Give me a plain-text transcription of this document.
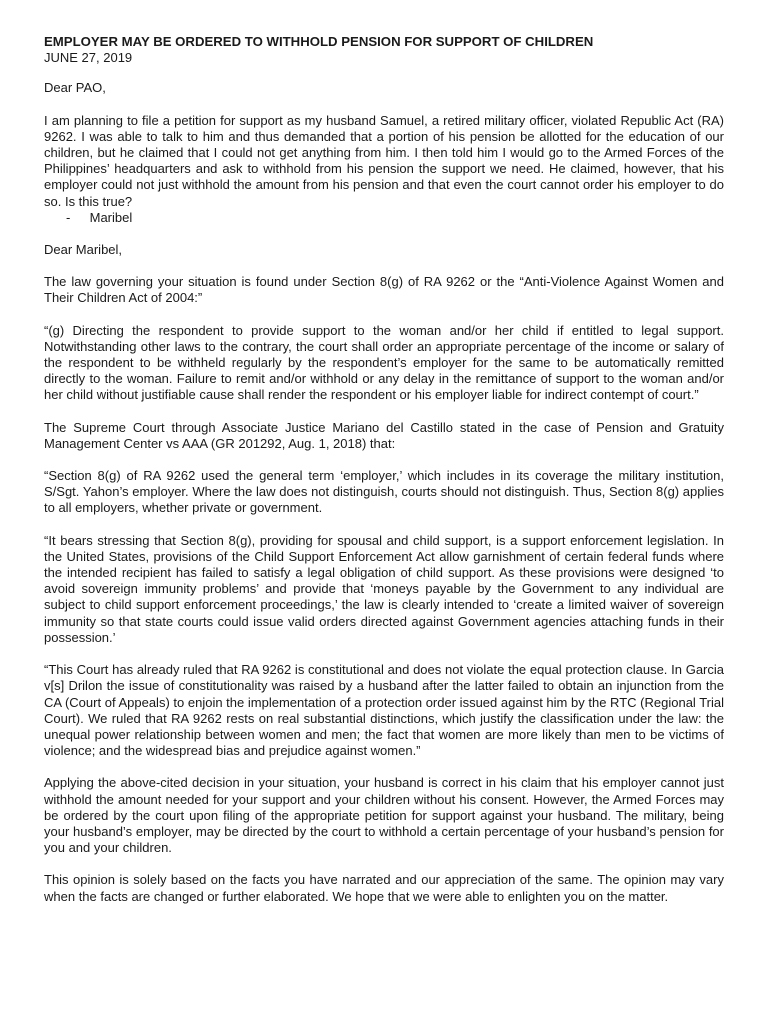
EMPLOYER MAY BE ORDERED TO WITHHOLD PENSION FOR SUPPORT OF CHILDREN
JUNE 27, 2019

Dear PAO,

I am planning to file a petition for support as my husband Samuel, a retired military officer, violated Republic Act (RA) 9262. I was able to talk to him and thus demanded that a portion of his pension be allotted for the education of our children, but he claimed that I could not get anything from him. I then told him I would go to the Armed Forces of the Philippines’ headquarters and ask to withhold from his pension the support we need. He claimed, however, that his employer could not just withhold the amount from his pension and that even the court cannot order his employer to do so. Is this true?

- Maribel

Dear Maribel,

The law governing your situation is found under Section 8(g) of RA 9262 or the “Anti-Violence Against Women and Their Children Act of 2004:”

“(g) Directing the respondent to provide support to the woman and/or her child if entitled to legal support. Notwithstanding other laws to the contrary, the court shall order an appropriate percentage of the income or salary of the respondent to be withheld regularly by the respondent’s employer for the same to be automatically remitted directly to the woman. Failure to remit and/or withhold or any delay in the remittance of support to the woman and/or her child without justifiable cause shall render the respondent or his employer liable for indirect contempt of court.”

The Supreme Court through Associate Justice Mariano del Castillo stated in the case of Pension and Gratuity Management Center vs AAA (GR 201292, Aug. 1, 2018) that:

“Section 8(g) of RA 9262 used the general term ‘employer,’ which includes in its coverage the military institution, S/Sgt. Yahon’s employer. Where the law does not distinguish, courts should not distinguish. Thus, Section 8(g) applies to all employers, whether private or government.

“It bears stressing that Section 8(g), providing for spousal and child support, is a support enforcement legislation. In the United States, provisions of the Child Support Enforcement Act allow garnishment of certain federal funds where the intended recipient has failed to satisfy a legal obligation of child support. As these provisions were designed ‘to avoid sovereign immunity problems’ and provide that ‘moneys payable by the Government to any individual are subject to child support enforcement proceedings,’ the law is clearly intended to ‘create a limited waiver of sovereign immunity so that state courts could issue valid orders directed against Government agencies attaching funds in their possession.’

“This Court has already ruled that RA 9262 is constitutional and does not violate the equal protection clause. In Garcia v[s] Drilon the issue of constitutionality was raised by a husband after the latter failed to obtain an injunction from the CA (Court of Appeals) to enjoin the implementation of a protection order issued against him by the RTC (Regional Trial Court). We ruled that RA 9262 rests on real substantial distinctions, which justify the classification under the law: the unequal power relationship between women and men; the fact that women are more likely than men to be victims of violence; and the widespread bias and prejudice against women.”

Applying the above-cited decision in your situation, your husband is correct in his claim that his employer cannot just withhold the amount needed for your support and your children without his consent. However, the Armed Forces may be ordered by the court upon filing of the appropriate petition for support against your husband. The military, being your husband’s employer, may be directed by the court to withhold a certain percentage of your husband’s pension for you and your children.

This opinion is solely based on the facts you have narrated and our appreciation of the same. The opinion may vary when the facts are changed or further elaborated. We hope that we were able to enlighten you on the matter.
